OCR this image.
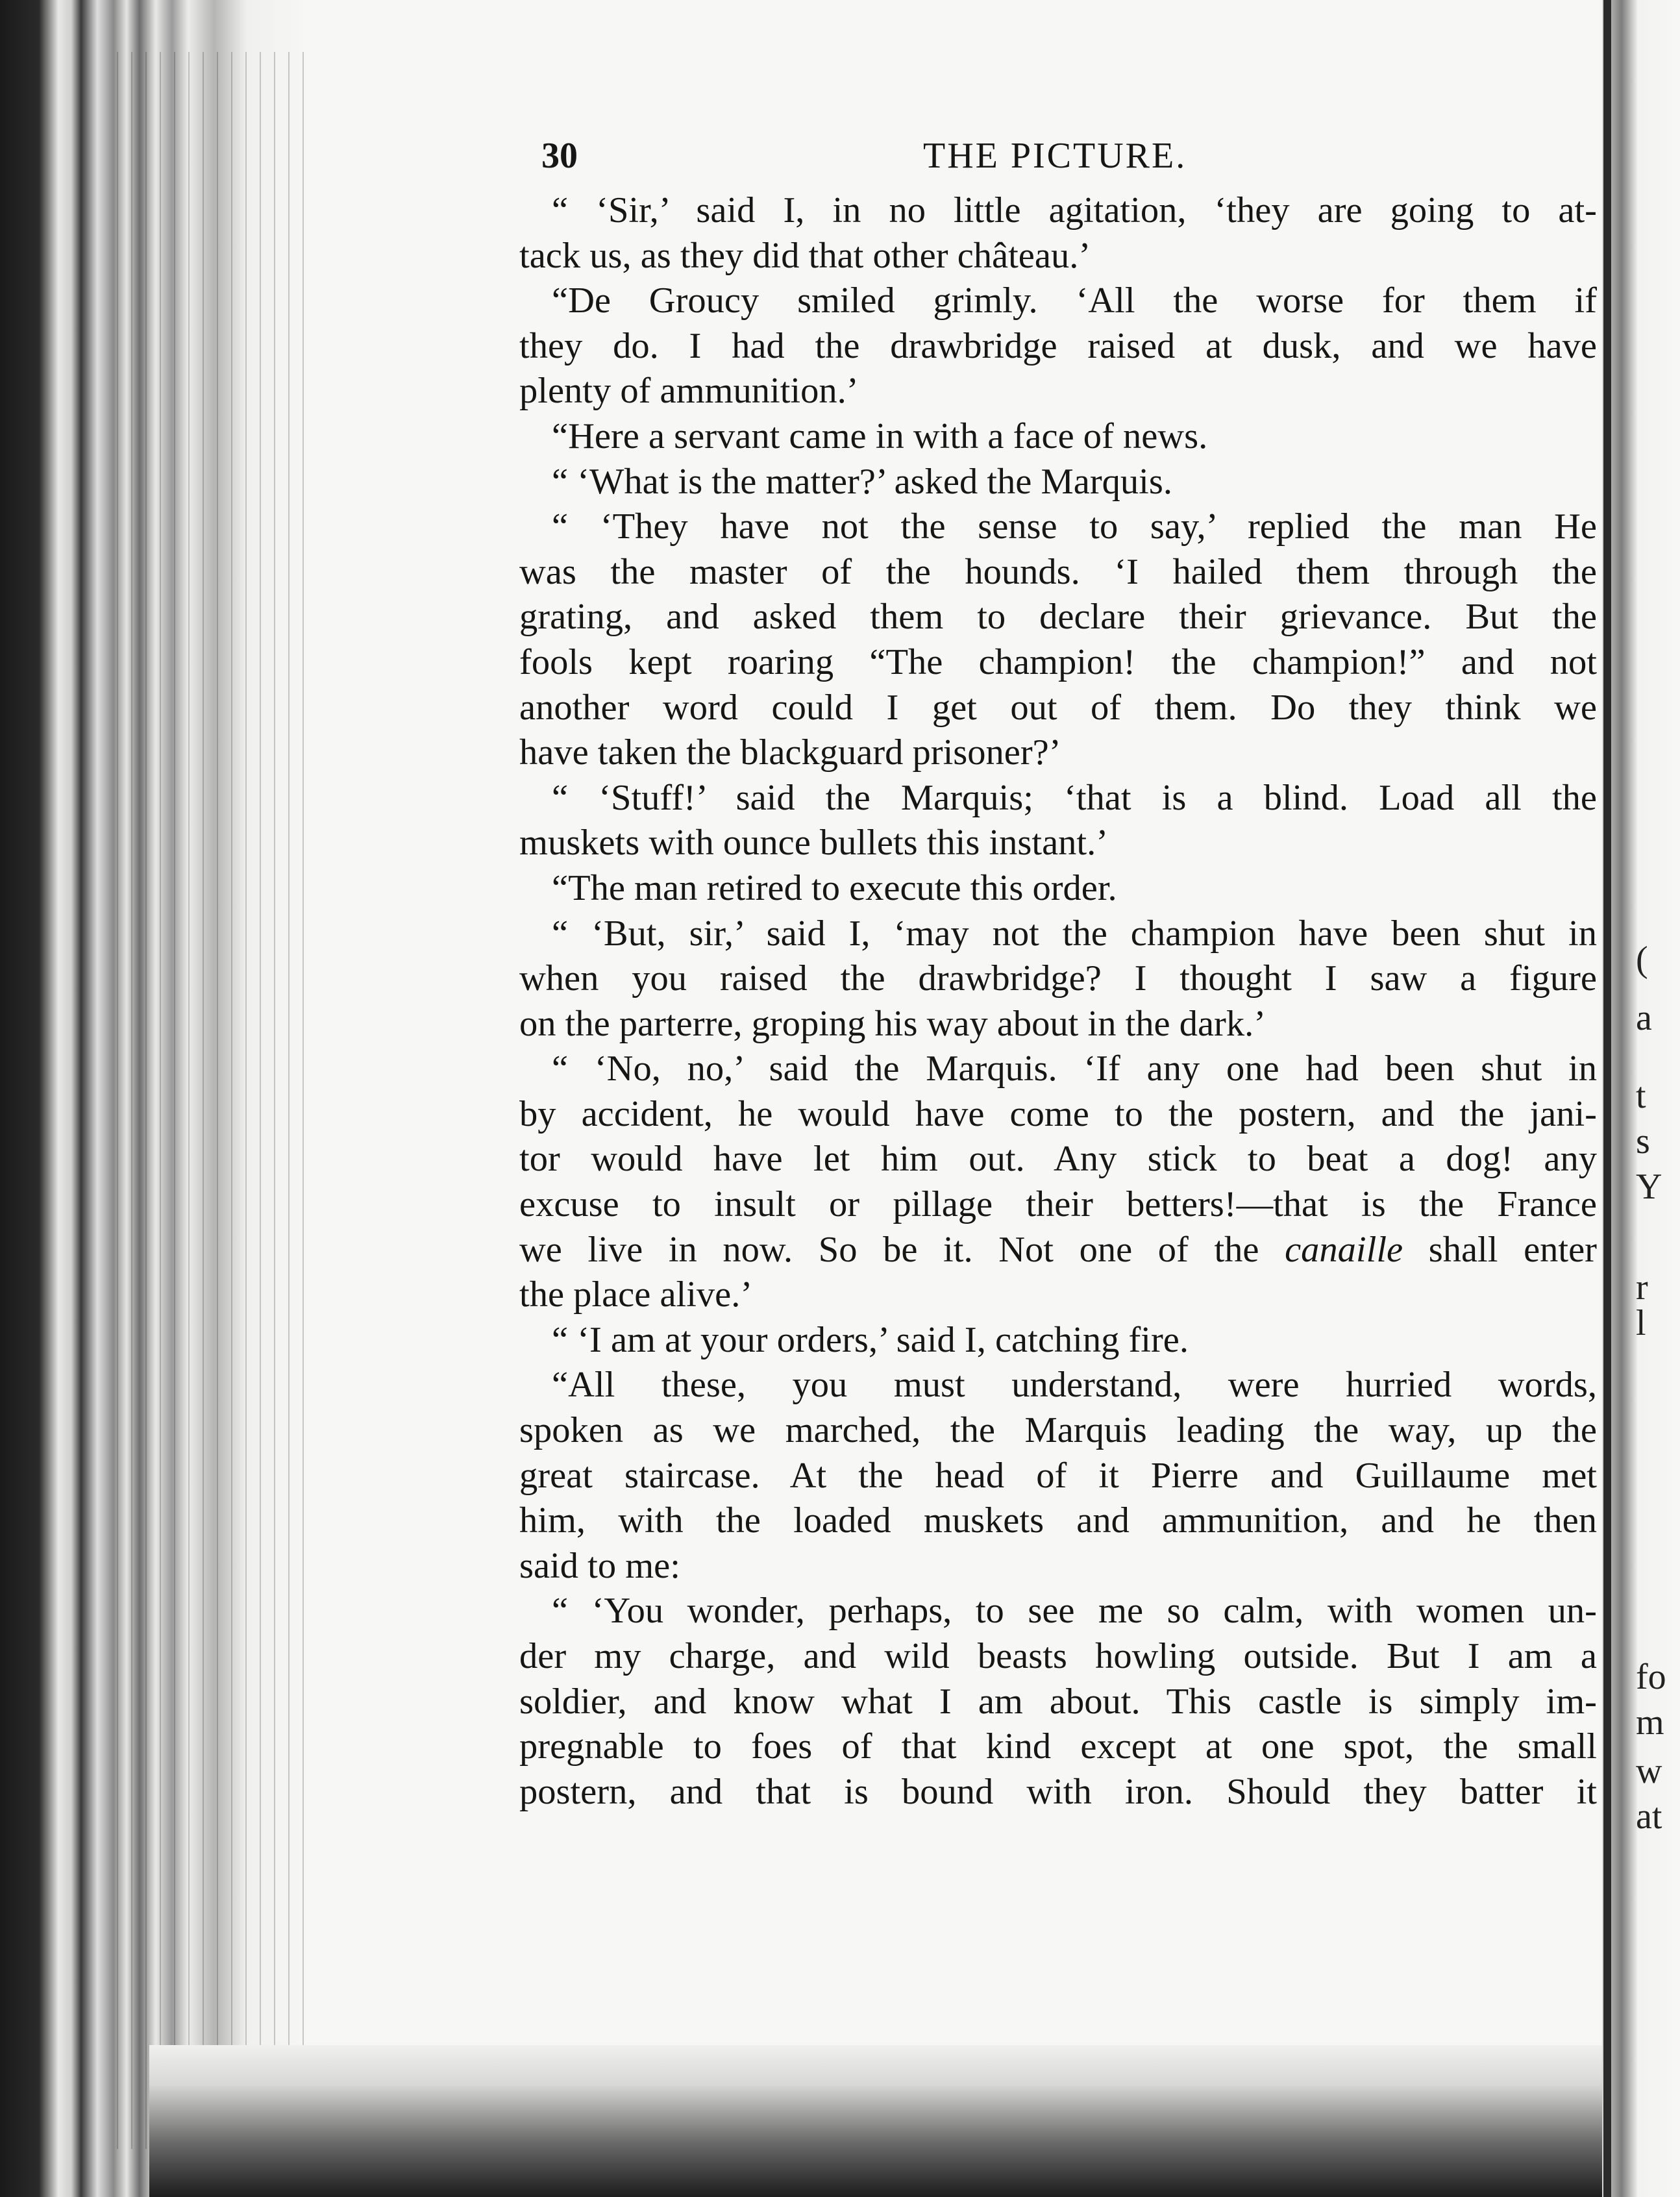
(
a
t
s
Y
r
l
fo
m
w
at
30	THE PICTURE.
“ ‘Sir,’ said I, in no little agitation, ‘they are going to at-
tack us, as they did that other château.’
“De Groucy smiled grimly. ‘All the worse for them if
they do. I had the drawbridge raised at dusk, and we have
plenty of ammunition.’
“Here a servant came in with a face of news.
“ ‘What is the matter?’ asked the Marquis.
“ ‘They have not the sense to say,’ replied the man He
was the master of the hounds. ‘I hailed them through the
grating, and asked them to declare their grievance. But the
fools kept roaring “The champion! the champion!” and not
another word could I get out of them. Do they think we
have taken the blackguard prisoner?’
“ ‘Stuff!’ said the Marquis; ‘that is a blind. Load all the
muskets with ounce bullets this instant.’
“The man retired to execute this order.
“ ‘But, sir,’ said I, ‘may not the champion have been shut in
when you raised the drawbridge? I thought I saw a figure
on the parterre, groping his way about in the dark.’
“ ‘No, no,’ said the Marquis. ‘If any one had been shut in
by accident, he would have come to the postern, and the jani-
tor would have let him out. Any stick to beat a dog! any
excuse to insult or pillage their betters!—that is the France
we live in now. So be it. Not one of the canaille shall enter
the place alive.’
“ ‘I am at your orders,’ said I, catching fire.
“All these, you must understand, were hurried words,
spoken as we marched, the Marquis leading the way, up the
great staircase. At the head of it Pierre and Guillaume met
him, with the loaded muskets and ammunition, and he then
said to me:
“ ‘You wonder, perhaps, to see me so calm, with women un-
der my charge, and wild beasts howling outside. But I am a
soldier, and know what I am about. This castle is simply im-
pregnable to foes of that kind except at one spot, the small
postern, and that is bound with iron. Should they batter it
